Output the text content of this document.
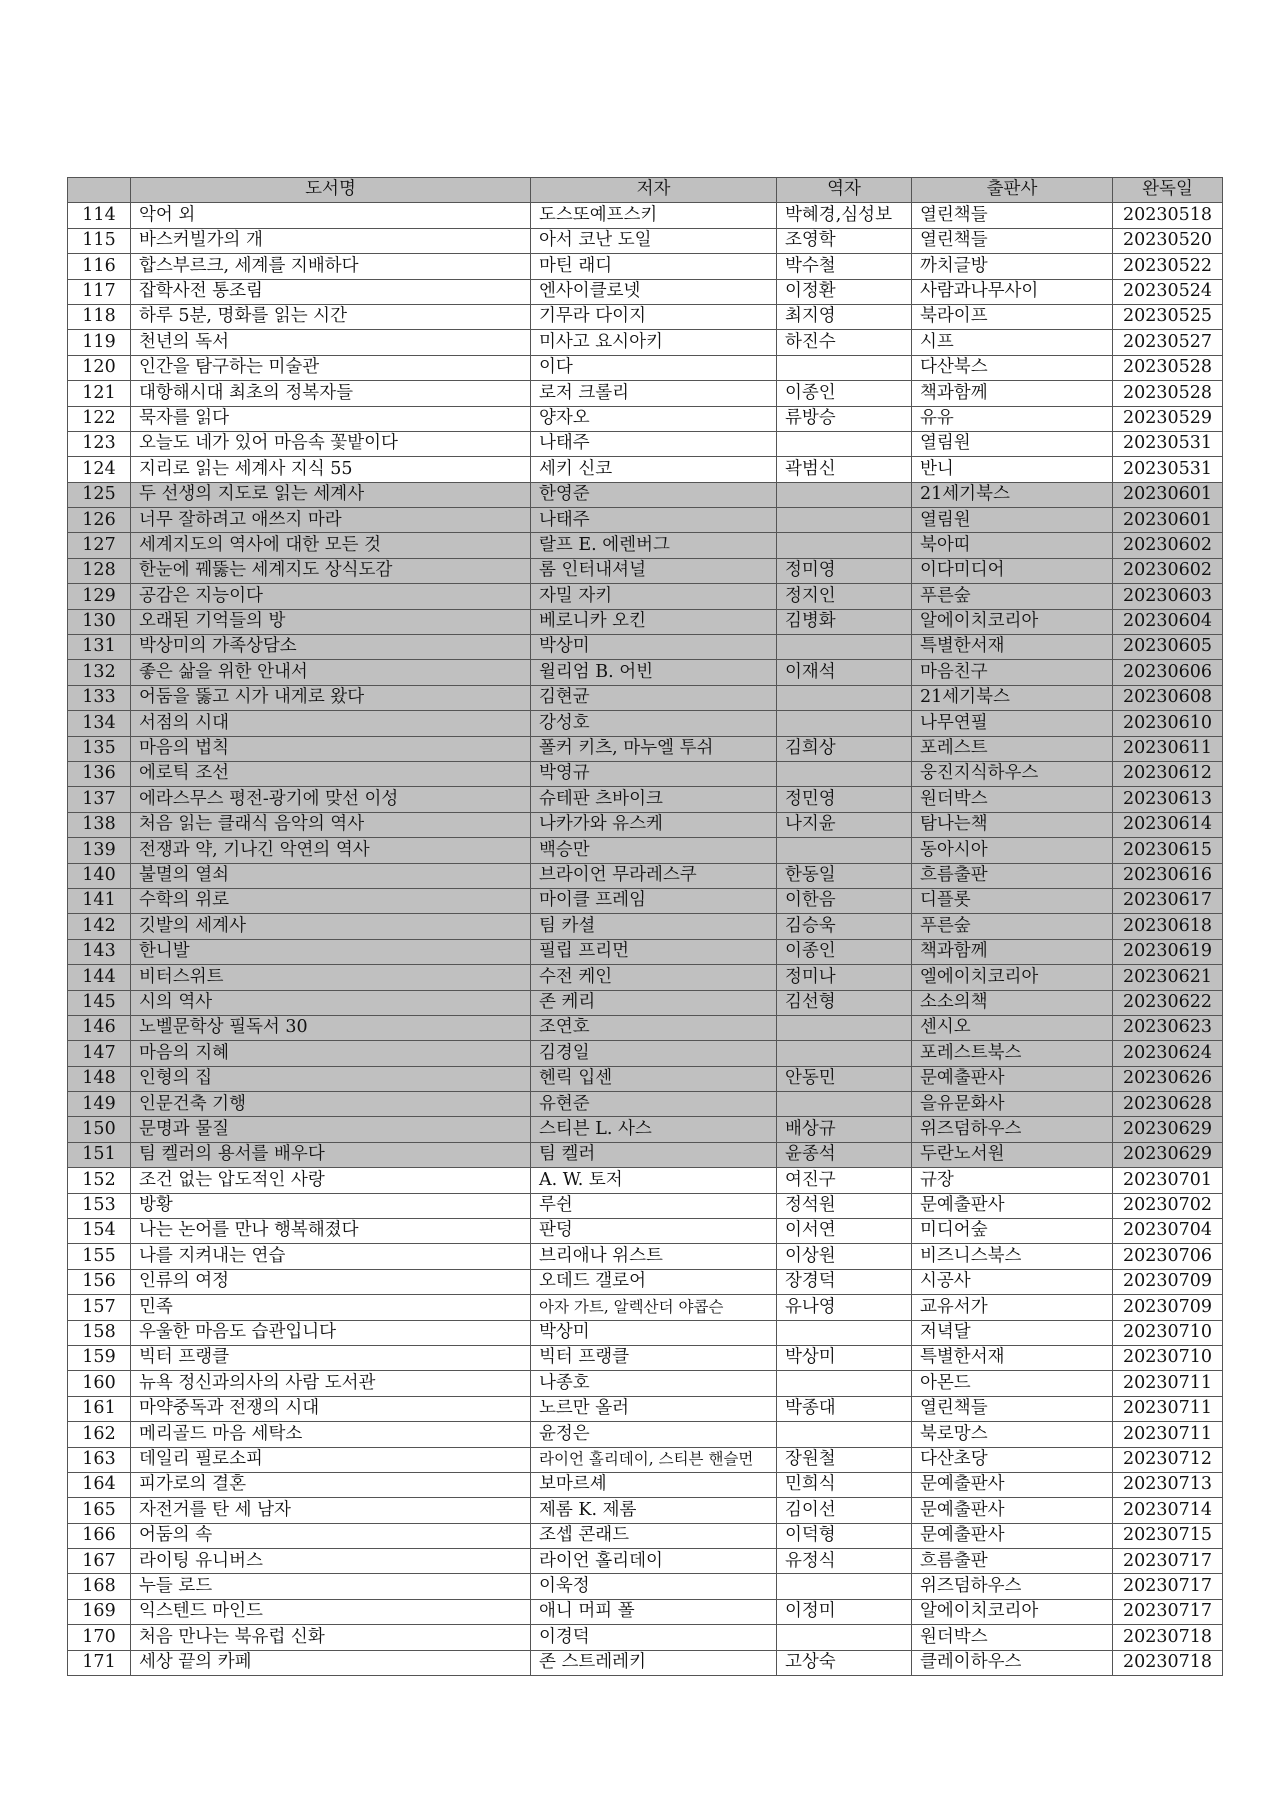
	도서명	저자	역자	출판사	완독일
114	악어 외	도스또예프스키	박혜경,심성보	열린책들	20230518
115	바스커빌가의 개	아서 코난 도일	조영학	열린책들	20230520
116	합스부르크, 세계를 지배하다	마틴 래디	박수철	까치글방	20230522
117	잡학사전 통조림	엔사이클로넷	이정환	사람과나무사이	20230524
118	하루 5분, 명화를 읽는 시간	기무라 다이지	최지영	북라이프	20230525
119	천년의 독서	미사고 요시아키	하진수	시프	20230527
120	인간을 탐구하는 미술관	이다		다산북스	20230528
121	대항해시대 최초의 정복자들	로저 크롤리	이종인	책과함께	20230528
122	묵자를 읽다	양자오	류방승	유유	20230529
123	오늘도 네가 있어 마음속 꽃밭이다	나태주		열림원	20230531
124	지리로 읽는 세계사 지식 55	세키 신코	곽범신	반니	20230531
125	두 선생의 지도로 읽는 세계사	한영준		21세기북스	20230601
126	너무 잘하려고 애쓰지 마라	나태주		열림원	20230601
127	세계지도의 역사에 대한 모든 것	랄프 E. 에렌버그		북아띠	20230602
128	한눈에 꿰뚫는 세계지도 상식도감	롬 인터내셔널	정미영	이다미디어	20230602
129	공감은 지능이다	자밀 자키	정지인	푸른숲	20230603
130	오래된 기억들의 방	베로니카 오킨	김병화	알에이치코리아	20230604
131	박상미의 가족상담소	박상미		특별한서재	20230605
132	좋은 삶을 위한 안내서	윌리엄 B. 어빈	이재석	마음친구	20230606
133	어둠을 뚫고 시가 내게로 왔다	김현균		21세기북스	20230608
134	서점의 시대	강성호		나무연필	20230610
135	마음의 법칙	폴커 키츠, 마누엘 투쉬	김희상	포레스트	20230611
136	에로틱 조선	박영규		웅진지식하우스	20230612
137	에라스무스 평전-광기에 맞선 이성	슈테판 츠바이크	정민영	원더박스	20230613
138	처음 읽는 클래식 음악의 역사	나카가와 유스케	나지윤	탐나는책	20230614
139	전쟁과 약, 기나긴 악연의 역사	백승만		동아시아	20230615
140	불멸의 열쇠	브라이언 무라레스쿠	한동일	흐름출판	20230616
141	수학의 위로	마이클 프레임	이한음	디플롯	20230617
142	깃발의 세계사	팀 카셜	김승욱	푸른숲	20230618
143	한니발	필립 프리먼	이종인	책과함께	20230619
144	비터스위트	수전 케인	정미나	엘에이치코리아	20230621
145	시의 역사	존 케리	김선형	소소의책	20230622
146	노벨문학상 필독서 30	조연호		센시오	20230623
147	마음의 지혜	김경일		포레스트북스	20230624
148	인형의 집	헨릭 입센	안동민	문예출판사	20230626
149	인문건축 기행	유현준		을유문화사	20230628
150	문명과 물질	스티븐 L. 사스	배상규	위즈덤하우스	20230629
151	팀 켈러의 용서를 배우다	팀 켈러	윤종석	두란노서원	20230629
152	조건 없는 압도적인 사랑	A. W. 토저	여진구	규장	20230701
153	방황	루쉰	정석원	문예출판사	20230702
154	나는 논어를 만나 행복해졌다	판덩	이서연	미디어숲	20230704
155	나를 지켜내는 연습	브리애나 위스트	이상원	비즈니스북스	20230706
156	인류의 여정	오데드 갤로어	장경덕	시공사	20230709
157	민족	아자 가트, 알렉산더 야콥슨	유나영	교유서가	20230709
158	우울한 마음도 습관입니다	박상미		저녁달	20230710
159	빅터 프랭클	빅터 프랭클	박상미	특별한서재	20230710
160	뉴욕 정신과의사의 사람 도서관	나종호		아몬드	20230711
161	마약중독과 전쟁의 시대	노르만 올러	박종대	열린책들	20230711
162	메리골드 마음 세탁소	윤정은		북로망스	20230711
163	데일리 필로소피	라이언 홀리데이, 스티븐 핸슬먼	장원철	다산초당	20230712
164	피가로의 결혼	보마르셰	민희식	문예출판사	20230713
165	자전거를 탄 세 남자	제롬 K. 제롬	김이선	문예출판사	20230714
166	어둠의 속	조셉 콘래드	이덕형	문예출판사	20230715
167	라이팅 유니버스	라이언 홀리데이	유정식	흐름출판	20230717
168	누들 로드	이욱정		위즈덤하우스	20230717
169	익스텐드 마인드	애니 머피 폴	이정미	알에이치코리아	20230717
170	처음 만나는 북유럽 신화	이경덕		원더박스	20230718
171	세상 끝의 카페	존 스트레레키	고상숙	클레이하우스	20230718
